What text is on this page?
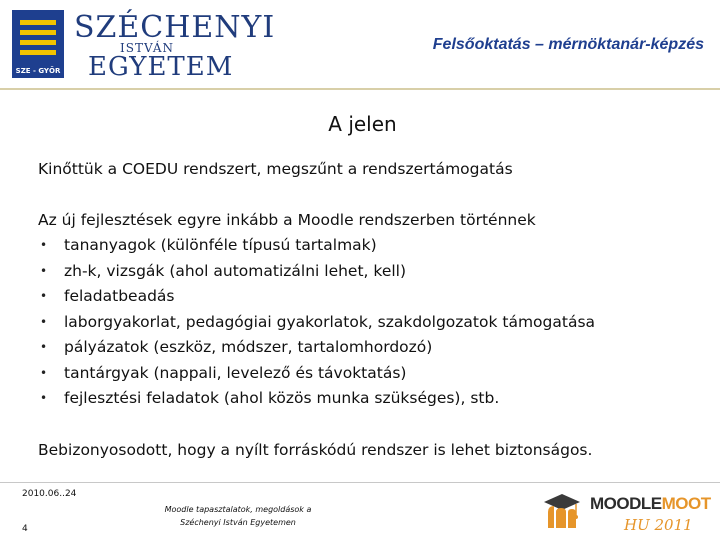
SZE - GYŐR
SZÉCHENYI
ISTVÁN
EGYETEM
Felsőoktatás – mérnöktanár-képzés
A jelen
Kinőttük a COEDU rendszert, megszűnt a rendszertámogatás
Az új fejlesztések egyre inkább a Moodle rendszerben történnek
• tananyagok (különféle típusú tartalmak)
• zh-k, vizsgák (ahol automatizálni lehet, kell)
• feladatbeadás
• laborgyakorlat, pedagógiai gyakorlatok, szakdolgozatok támogatása
• pályázatok (eszköz, módszer, tartalomhordozó)
• tantárgyak (nappali, levelező és távoktatás)
• fejlesztési feladatok (ahol közös munka szükséges), stb.
Bebizonyosodott, hogy a nyílt forráskódú rendszer is lehet biztonságos.
2010.06..24
4
Moodle tapasztalatok, megoldások a Széchenyi István Egyetemen
MOODLEMOOT
HU 2011
